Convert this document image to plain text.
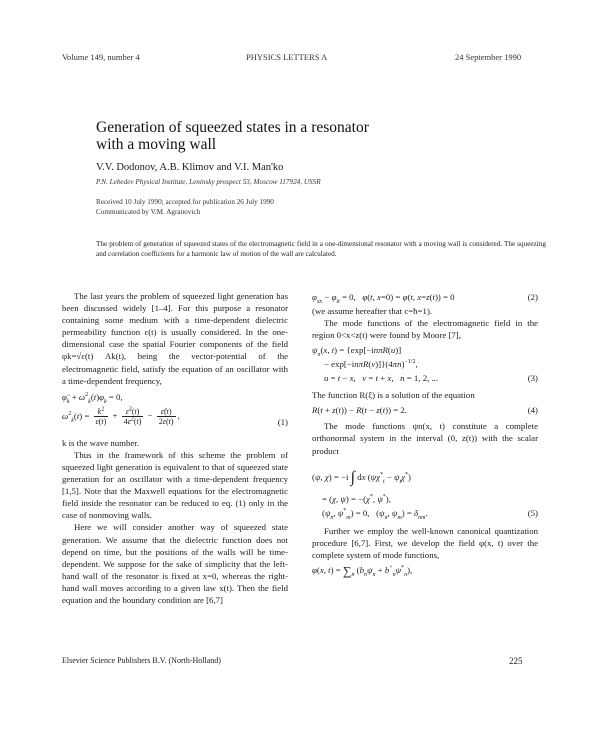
Volume 149, number 4	PHYSICS LETTERS A	24 September 1990
Generation of squeezed states in a resonator
with a moving wall
V.V. Dodonov, A.B. Klimov and V.I. Man'ko
P.N. Lebedev Physical Institute, Leninsky prospect 53, Moscow 117924, USSR
Received 10 July 1990; accepted for publication 26 July 1990
Communicated by V.M. Agranovich
The problem of generation of squeezed states of the electromagnetic field in a one-dimensional resonator with a moving wall is considered. The squeezing and correlation coefficients for a harmonic law of motion of the wall are calculated.

The last years the problem of squeezed light generation has been discussed widely [1–4]. For this purpose a resonator containing some medium with a time-dependent dielectric permeability function ε(t) is usually considered. In the one-dimensional case the spatial Fourier components of the field φk=√ε(t) Ak(t), being the vector-potential of the electromagnetic field, satisfy the equation of an oscillator with a time-dependent frequency,

$\varphï_k + \omega^2_k(t)\varphi_k = 0$,
$\omega^2_k(t) = \frac{k^2}{\varepsilon(t)} + \frac{\varepsiloṅ^2(t)}{4\varepsilon^2(t)} - \frac{\varepsilon̈(t)}{2\varepsilon(t)}$ ,
(1)

k is the wave number.

Thus in the framework of this scheme the problem of squeezed light generation is equivalent to that of squeezed state generation for an oscillator with a time-dependent frequency [1,5]. Note that the Maxwell equations for the electromagnetic field inside the resonator can be reduced to eq. (1) only in the case of nonmoving walls.

Here we will consider another way of squeezed state generation. We assume that the dielectric function does not depend on time, but the positions of the walls will be time-dependent. We suppose for the sake of simplicity that the left-hand wall of the resonator is fixed at x=0, whereas the right-hand wall moves according to a given law x(t). Then the field equation and the boundary condition are [6,7]

$\varphi_{xx} - \varphi_{tt} = 0$,   φ(t, x=0) = φ(t, x=z(t)) = 0	(2)

(we assume hereafter that c=ħ=1).

The mode functions of the electromagnetic field in the region 0<x<z(t) were found by Moore [7],

$\psi_n(x$, t) = {exp[−inπR(u)]
− $\exp[-in\pi R(v)]\}(4\pi n)^{-1/2}$,
u = t − x,   v = t + x,   n = 1, 2, ...	(3)

The function R(ξ) is a solution of the equation

R(t + z(t)) − R(t − z(t)) = 2.	(4)

The mode functions ψn(x, t) constitute a complete orthonormal system in the interval (0, z(t)) with the scalar product

(ψ, χ) = −i ∫ dx $(\psi\chi^*_t - \psi_t\chi^*)$
= (χ, ψ) = −(χ*, ψ*),
($\psi_n$, $\psi^*_m) = 0$,   ($\psi_n$, $\psi_m) = \delta_{nm}$.	(5)

Further we employ the well-known canonical quantization procedure [6,7]. First, we develop the field φ(x, t) over the complete system of mode functions,

φ(x, $t) = \sum_n$ $(b_n\psi_n + b^+_n\psi^*_n)$,
Elsevier Science Publishers B.V. (North-Holland)	225
